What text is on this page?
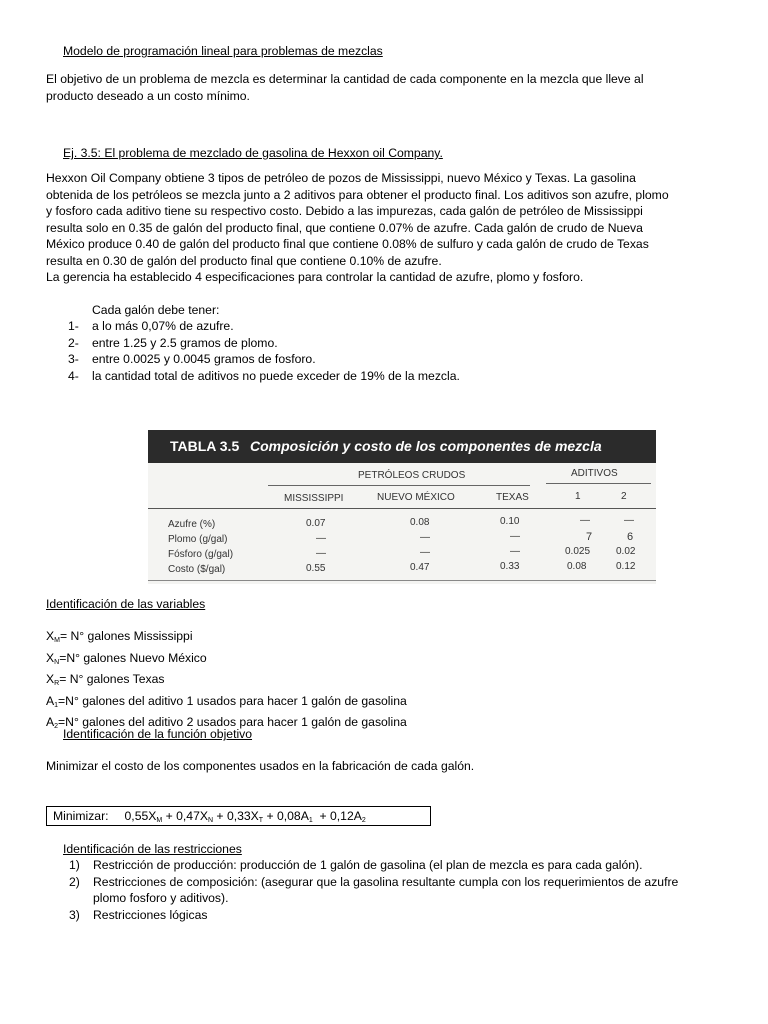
Modelo de programación lineal para problemas de mezclas
El objetivo de un problema de mezcla es determinar la cantidad de cada componente en la mezcla que lleve al
producto deseado a un costo mínimo.
Ej. 3.5: El problema de mezclado de gasolina de Hexxon oil Company.
Hexxon Oil Company obtiene 3 tipos de petróleo de pozos de Mississippi, nuevo México y Texas. La gasolina
obtenida de los petróleos se mezcla junto a 2 aditivos para obtener el producto final. Los aditivos son azufre, plomo
y fosforo cada aditivo tiene su respectivo costo. Debido a las impurezas, cada galón de petróleo de Mississippi
resulta solo en 0.35 de galón del producto final, que contiene 0.07% de azufre. Cada galón de crudo de Nueva
México produce 0.40 de galón del producto final que contiene 0.08% de sulfuro y cada galón de crudo de Texas
resulta en 0.30 de galón del producto final que contiene 0.10% de azufre.
La gerencia ha establecido 4 especificaciones para controlar la cantidad de azufre, plomo y fosforo.
Cada galón debe tener:
1- a lo más 0,07% de azufre.
2- entre 1.25 y 2.5 gramos de plomo.
3- entre 0.0025 y 0.0045 gramos de fosforo.
4- la cantidad total de aditivos no puede exceder de 19% de la mezcla.
TABLA 3.5 Composición y costo de los componentes de mezcla
PETRÓLEOS CRUDOS	ADITIVOS
MISSISSIPPI	NUEVO MÉXICO	TEXAS	1	2
Azufre (%)	0.07	0.08	0.10	—	—
Plomo (g/gal)	—	—	—	7	6
Fósforo (g/gal)	—	—	—	0.025	0.02
Costo ($/gal)	0.55	0.47	0.33	0.08	0.12
Identificación de las variables
$X_M= N^\circ$ galones Mississippi
$X_N=N^\circ$ galones Nuevo México
$X_R= N^\circ$ galones Texas
$A_1=N^\circ$ galones del aditivo 1 usados para hacer 1 galón de gasolina
$A_2=N^\circ$ galones del aditivo 2 usados para hacer 1 galón de gasolina
Identificación de la función objetivo
Minimizar el costo de los componentes usados en la fabricación de cada galón.
Minimizar: $0,55X_M + 0,47X_N + 0,33X_T + 0,08A_1 + 0,12A_2$
Identificación de las restricciones
1) Restricción de producción: producción de 1 galón de gasolina (el plan de mezcla es para cada galón).
2) Restricciones de composición: (asegurar que la gasolina resultante cumpla con los requerimientos de azufre
plomo fosforo y aditivos).
3) Restricciones lógicas
